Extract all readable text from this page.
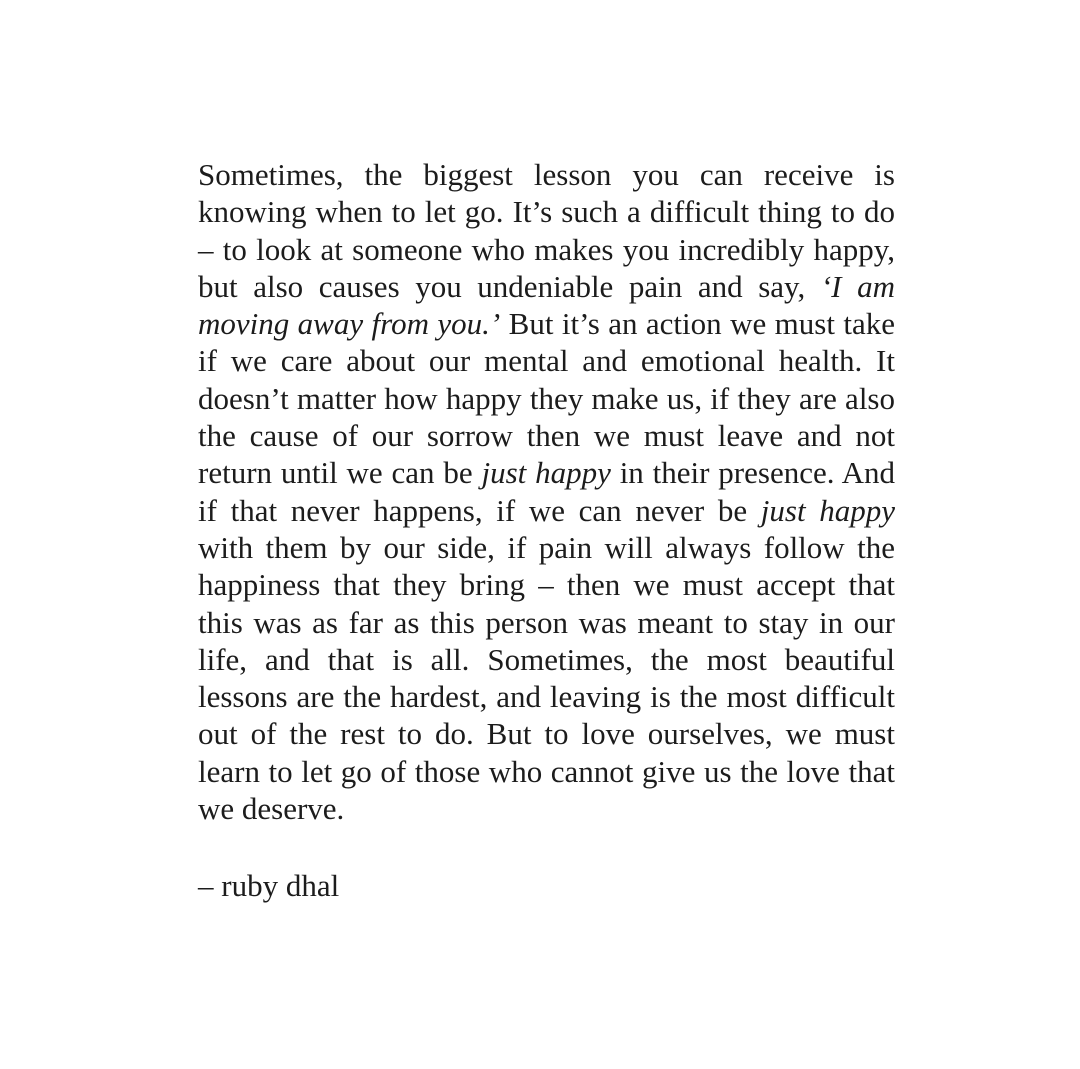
Sometimes, the biggest lesson you can receive is knowing when to let go. It’s such a difficult thing to do – to look at someone who makes you incredibly happy, but also causes you undeniable pain and say, ‘I am moving away from you.’ But it’s an action we must take if we care about our mental and emotional health. It doesn’t matter how happy they make us, if they are also the cause of our sorrow then we must leave and not return until we can be just happy in their presence. And if that never happens, if we can never be just happy with them by our side, if pain will always follow the happiness that they bring – then we must accept that this was as far as this person was meant to stay in our life, and that is all. Sometimes, the most beautiful lessons are the hardest, and leaving is the most difficult out of the rest to do. But to love ourselves, we must learn to let go of those who cannot give us the love that we deserve.

– ruby dhal
